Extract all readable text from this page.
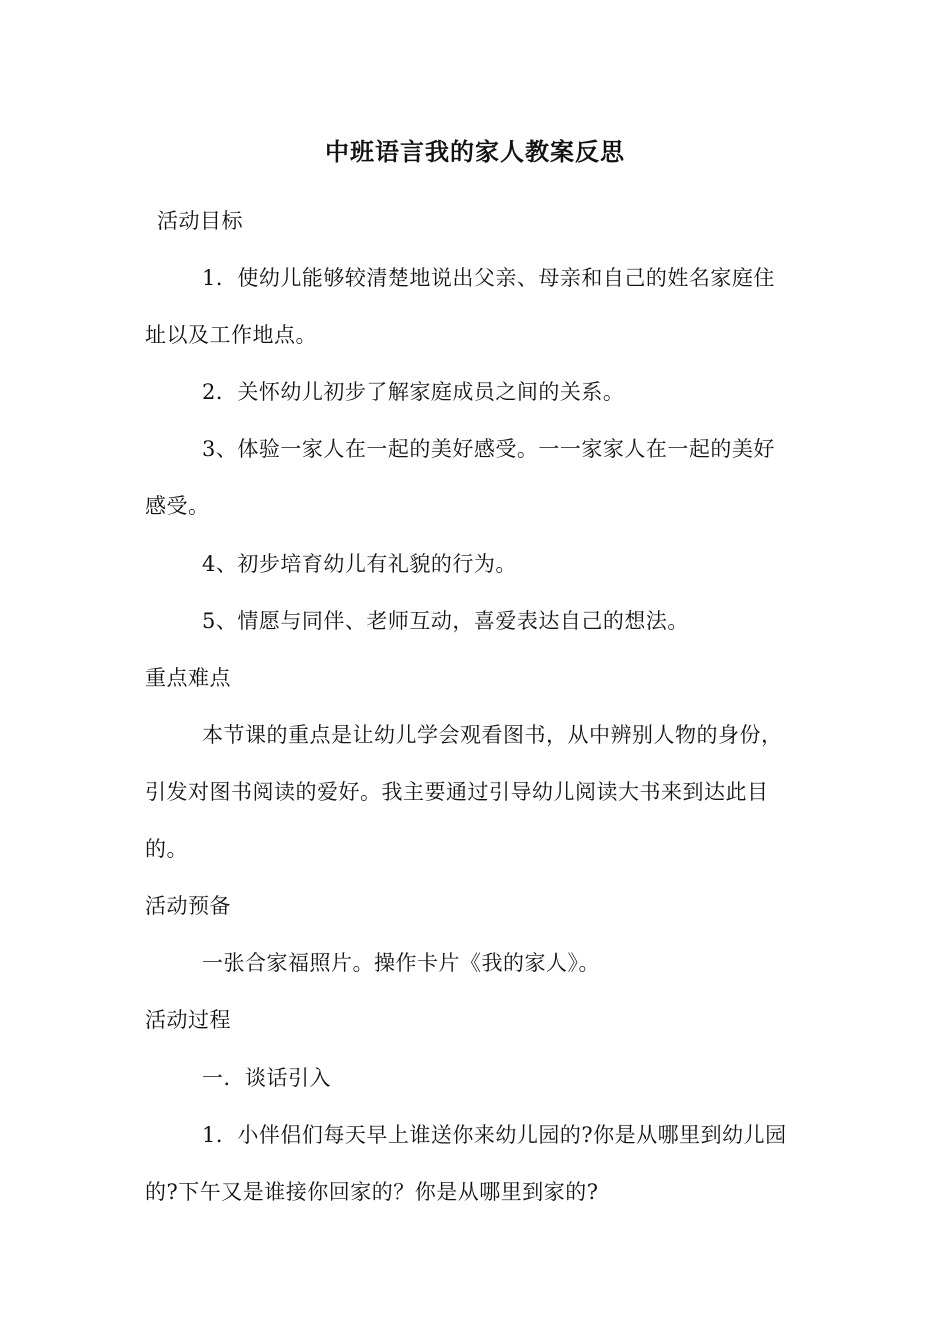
中班语言我的家人教案反思
活动目标
1．使幼儿能够较清楚地说出父亲、母亲和自己的姓名家庭住
址以及工作地点。
2．关怀幼儿初步了解家庭成员之间的关系。
3、体验一家人在一起的美好感受。一一家家人在一起的美好
感受。
4、初步培育幼儿有礼貌的行为。
5、情愿与同伴、老师互动，喜爱表达自己的想法。
重点难点
本节课的重点是让幼儿学会观看图书，从中辨别人物的身份，
引发对图书阅读的爱好。我主要通过引导幼儿阅读大书来到达此目
的。
活动预备
一张合家福照片。操作卡片《我的家人》。
活动过程
一．谈话引入
1．小伴侣们每天早上谁送你来幼儿园的?你是从哪里到幼儿园
的?下午又是谁接你回家的？你是从哪里到家的?
